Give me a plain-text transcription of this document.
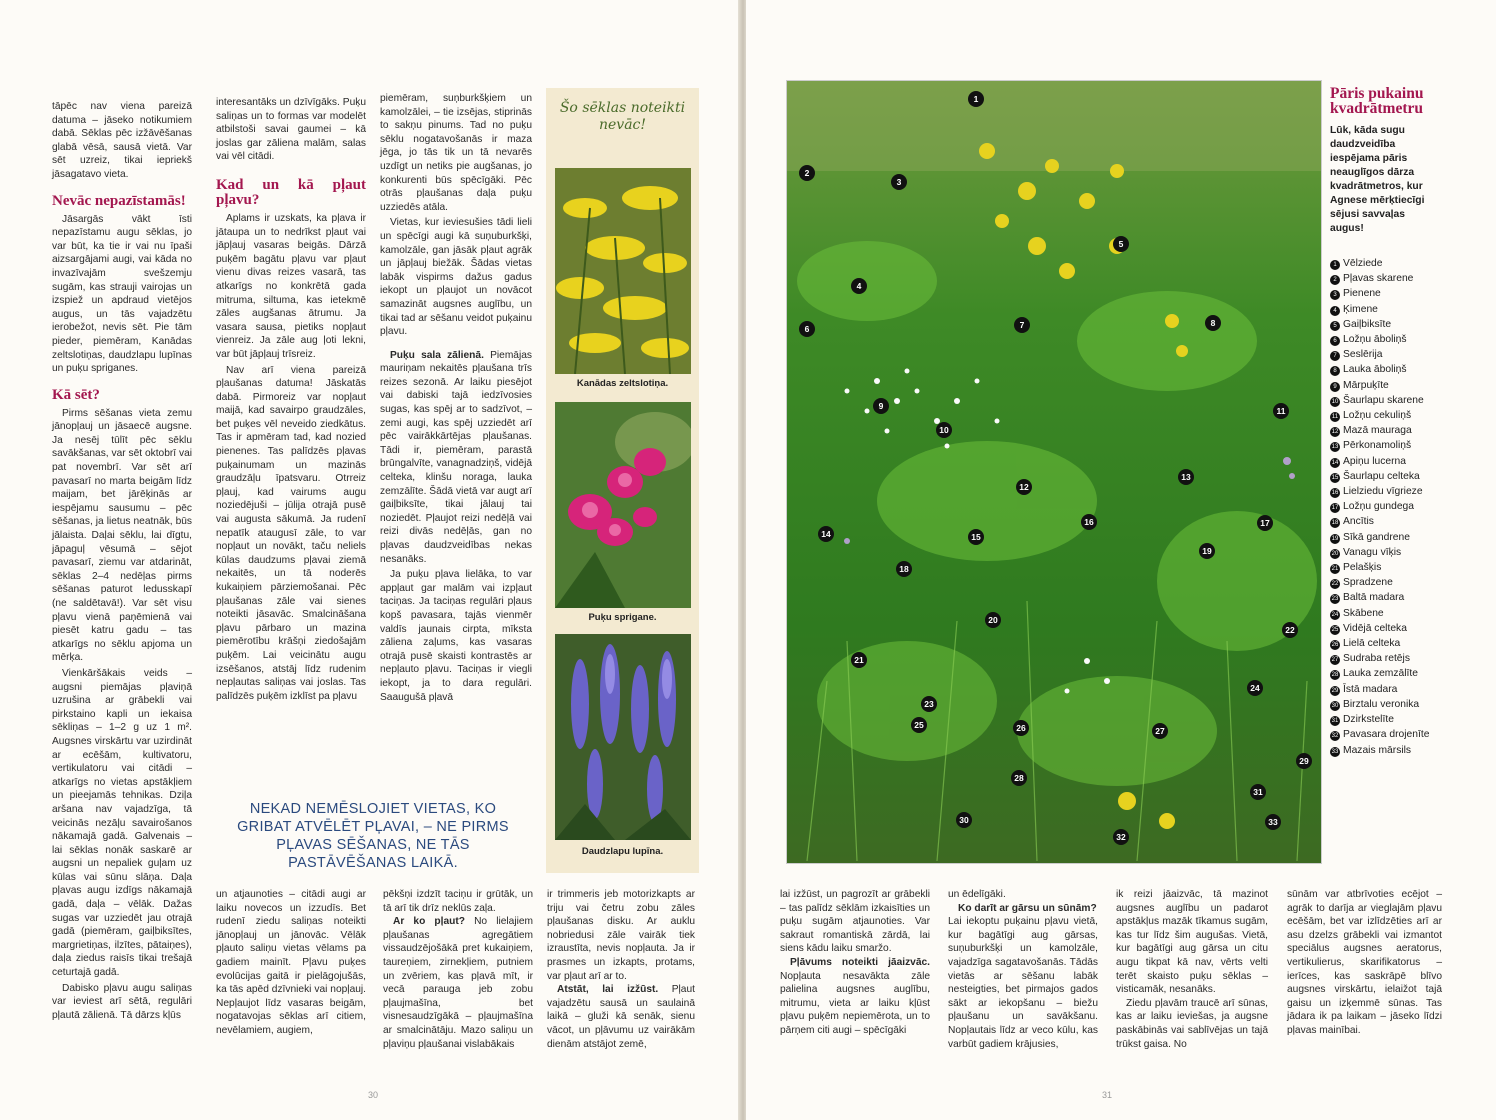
tāpēc nav viena pareizā datuma – jāseko notikumiem dabā. Sēklas pēc izžāvēšanas glabā vēsā, sausā vietā. Var sēt uzreiz, tikai iepriekš jāsagatavo vieta.

Nevāc nepazīstamās!

Jāsargās vākt īsti nepazīstamu augu sēklas, jo var būt, ka tie ir vai nu īpaši aizsargājami augi, vai kāda no invazīvajām svešzemju sugām, kas strauji vairojas un izspiež un apdraud vietējos augus, un tās vajadzētu ierobežot, nevis sēt. Pie tām pieder, piemēram, Kanādas zeltslotiņas, daudzlapu lupīnas un puķu spriganes.

Kā sēt?

Pirms sēšanas vieta zemu jānopļauj un jāsaecē augsne. Ja nesēj tūlīt pēc sēklu savākšanas, var sēt oktobrī vai pat novembrī. Var sēt arī pavasarī no marta beigām līdz maijam, bet jārēķinās ar iespējamu sausumu – pēc sēšanas, ja lietus neatnāk, būs jālaista. Daļai sēklu, lai dīgtu, jāpaguļ vēsumā – sējot pavasarī, ziemu var atdarināt, sēklas 2–4 nedēļas pirms sēšanas paturot ledusskapī (ne saldētavā!). Var sēt visu pļavu vienā paņēmienā vai piesēt katru gadu – tas atkarīgs no sēklu apjoma un mērķa.

Vienkāršākais veids – augsni piemājas pļaviņā uzrušina ar grābekli vai pirkstaino kapli un iekaisa sēkliņas – 1–2 g uz 1 m². Augsnes virskārtu var uzirdināt ar ecēšām, kultivatoru, vertikulatoru vai citādi – atkarīgs no vietas apstākļiem un pieejamās tehnikas. Dziļa aršana nav vajadzīga, tā veicinās nezāļu savairošanos nākamajā gadā. Galvenais – lai sēklas nonāk saskarē ar augsni un nepaliek guļam uz kūlas vai sūnu slāņa. Daļa pļavas augu izdīgs nākamajā gadā, daļa – vēlāk. Dažas sugas var uzziedēt jau otrajā gadā (piemēram, gaiļbiksītes, margrietiņas, ilzītes, pātaiņes), daļa ziedus raisīs tikai trešajā ceturtajā gadā.

Dabisko pļavu augu saliņas var ieviest arī sētā, regulāri pļautā zālienā. Tā dārzs kļūs

interesantāks un dzīvīgāks. Puķu saliņas un to formas var modelēt atbilstoši savai gaumei – kā joslas gar zāliena malām, salas vai vēl citādi.

Kad un kā pļaut pļavu?

Aplams ir uzskats, ka pļava ir jātaupa un to nedrīkst pļaut vai jāpļauj vasaras beigās. Dārzā puķēm bagātu pļavu var pļaut vienu divas reizes vasarā, tas atkarīgs no konkrētā gada mitruma, siltuma, kas ietekmē zāles augšanas ātrumu. Ja vasara sausa, pietiks nopļaut vienreiz. Ja zāle aug ļoti lekni, var būt jāpļauj trīsreiz.

Nav arī viena pareizā pļaušanas datuma! Jāskatās dabā. Pirmoreiz var nopļaut maijā, kad savairpo graudzāles, bet puķes vēl neveido ziedkātus. Tas ir apmēram tad, kad nozied pienenes. Tas palīdzēs pļavas puķainumam un mazinās graudzāļu īpatsvaru. Otrreiz pļauj, kad vairums augu noziedējuši – jūlija otrajā pusē vai augusta sākumā. Ja rudenī nepatīk ataugusī zāle, to var nopļaut un novākt, taču neliels kūlas daudzums pļavai ziemā nekaitēs, un tā noderēs kukaiņiem pārziemošanai. Pēc pļaušanas zāle vai sienes noteikti jāsavāc. Smalcināšana pļavu pārbaro un mazina piemērotību krāšņi ziedošajām puķēm. Lai veicinātu augu izsēšanos, atstāj līdz rudenim nepļautas saliņas vai joslas. Tas palīdzēs puķēm izklīst pa pļavu

piemēram, suņburkšķiem un kamolzālei, – tie izsējas, stiprinās to sakņu pinums. Tad no puķu sēklu nogatavošanās ir maza jēga, jo tās tik un tā nevarēs uzdīgt un netiks pie augšanas, jo konkurenti būs spēcīgāki. Pēc otrās pļaušanas daļa puķu uzziedēs atāla.

Vietas, kur ieviesušies tādi lieli un spēcīgi augi kā suņuburkšķi, kamolzāle, gan jāsāk pļaut agrāk un jāpļauj biežāk. Šādas vietas labāk vispirms dažus gadus iekopt un pļaujot un novācot samazināt augsnes auglību, un tikai tad ar sēšanu veidot puķainu pļavu.

Puķu sala zālienā. Piemājas mauriņam nekaitēs pļaušana trīs reizes sezonā. Ar laiku piesējot vai dabiski tajā iedzīvosies sugas, kas spēj ar to sadzīvot, – zemi augi, kas spēj uzziedēt arī pēc vairākkārtējas pļaušanas. Tādi ir, piemēram, parastā brūngalvīte, vanagnadziņš, vidējā celteka, klinšu noraga, lauka zemzālīte. Šādā vietā var augt arī gaiļbiksīte, tikai jālauj tai noziedēt. Pļaujot reizi nedēļā vai reizi divās nedēļās, gan no pļavas daudzveidības nekas nesanāks.

Ja puķu pļava lielāka, to var appļaut gar malām vai izpļaut taciņas. Ja taciņas regulāri pļaus kopš pavasara, tajās vienmēr valdīs jaunais cirpta, mīksta zāliena zaļums, kas vasaras otrajā pusē skaisti kontrastēs ar nepļauto pļavu. Taciņas ir viegli iekopt, ja to dara regulāri. Saaugušā pļavā

NEKAD NEMĒSLOJIET VIETAS, KO GRIBAT ATVĒLĒT PĻAVAI, – NE PIRMS PĻAVAS SĒŠANAS, NE TĀS PASTĀVĒŠANAS LAIKĀ.
Šo sēklas noteikti nevāc!
Kanādas zeltslotiņa.
Puķu sprigane.
Daudzlapu lupīna.

un atjaunoties – citādi augi ar laiku novecos un izzudīs. Bet rudenī ziedu saliņas noteikti jānopļauj un jānovāc. Vēlāk pļauto saliņu vietas vēlams pa gadiem mainīt. Pļavu puķes evolūcijas gaitā ir pielāgojušās, ka tās apēd dzīvnieki vai nopļauj. Nepļaujot līdz vasaras beigām, nogatavojas sēklas arī citiem, nevēlamiem, augiem,

pēkšņi izdzīt taciņu ir grūtāk, un tā arī tik drīz neklūs zaļa.

Ar ko pļaut? No lielajiem pļaušanas agregātiem vissaudzējošākā pret kukaiņiem, taureņiem, zirnekļiem, putniem un zvēriem, kas pļavā mīt, ir vecā parauga jeb zobu pļaujmašīna, bet visnesaudzīgākā – pļaujmašīna ar smalcinātāju. Mazo saliņu un pļaviņu pļaušanai vislabākais

ir trimmeris jeb motorizkapts ar triju vai četru zobu zāles pļaušanas disku. Ar auklu nobriedusi zāle vairāk tiek izraustīta, nevis nopļauta. Ja ir prasmes un izkapts, protams, var pļaut arī ar to.

Atstāt, lai izžūst. Pļaut vajadzētu sausā un saulainā laikā – gluži kā senāk, sienu vācot, un pļāvumu uz vairākām dienām atstājot zemē,

30
1
2
3
4
5
6	7	8
9
10
11
12
13
14	15
16	17
18
19
20
21
22
23
24
25	26	27
28
29
30
31
32
33
Pāris pukainu kvadrātmetru
Lūk, kāda sugu daudzveidība iespējama pāris neauglīgos dārza kvadrātmetros, kur Agnese mērķtiecīgi sējusi savvaļas augus!
1 Vēlziede
2 Pļavas skarene
3 Pienene
4 Ķimene
5 Gaiļbiksīte
6 Ložņu āboliņš
7 Seslērija
8 Lauka āboliņš
9 Mārpuķīte
10 Šaurlapu skarene
11 Ložņu cekuliņš
12 Mazā mauraga
13 Pērkonamoliņš
14 Apiņu lucerna
15 Šaurlapu celteka
16 Lielziedu vīgrieze
17 Ložņu gundega
18 Ancītis
19 Sīkā gandrene
20 Vanagu vīķis
21 Pelašķis
22 Spradzene
23 Baltā madara
24 Skābene
25 Vidējā celteka
26 Lielā celteka
27 Sudraba retējs
28 Lauka zemzālīte
29 Īstā madara
30 Birztalu veronika
31 Dzirkstelīte
32 Pavasara drojenīte
33 Mazais mārsils

lai izžūst, un pagrozīt ar grābekli – tas palīdz sēklām izkaisīties un puķu sugām atjaunoties. Var sakraut romantiskā zārdā, lai siens kādu laiku smaržo.

Pļāvums noteikti jāaizvāc. Nopļauta nesavākta zāle palielina augsnes auglību, mitrumu, vieta ar laiku kļūst pļavu puķēm nepiemērota, un to pārņem citi augi – spēcīgāki

un ēdelīgāki.

Ko darīt ar gārsu un sūnām?

Lai iekoptu puķainu pļavu vietā, kur bagātīgi aug gārsas, suņuburkšķi un kamolzāle, vajadzīga sagatavošanās. Tādās vietās ar sēšanu labāk nesteigties, bet pirmajos gados sākt ar iekopšanu – biežu pļaušanu un savākšanu. Nopļautais līdz ar veco kūlu, kas varbūt gadiem krājusies,

ik reizi jāaizvāc, tā mazinot augsnes auglību un padarot apstākļus mazāk tīkamus sugām, kas tur līdz šim augušas. Vietā, kur bagātīgi aug gārsa un citu augu tikpat kā nav, vērts velti terēt skaisto puķu sēklas – visticamāk, nesanāks.

Ziedu pļavām traucē arī sūnas, kas ar laiku ieviešas, ja augsne paskābinās vai sablīvējas un tajā trūkst gaisa. No

sūnām var atbrīvoties ecējot – agrāk to darīja ar vieglajām pļavu ecēšām, bet var izlīdzēties arī ar asu dzelzs grābekli vai izmantot speciālus augsnes aeratorus, vertikulierus, skarifikatorus – ierīces, kas saskrāpē blīvo augsnes virskārtu, ielaižot tajā gaisu un izķemmē sūnas. Tas jādara ik pa laikam – jāseko līdzi pļavas mainībai.

31
